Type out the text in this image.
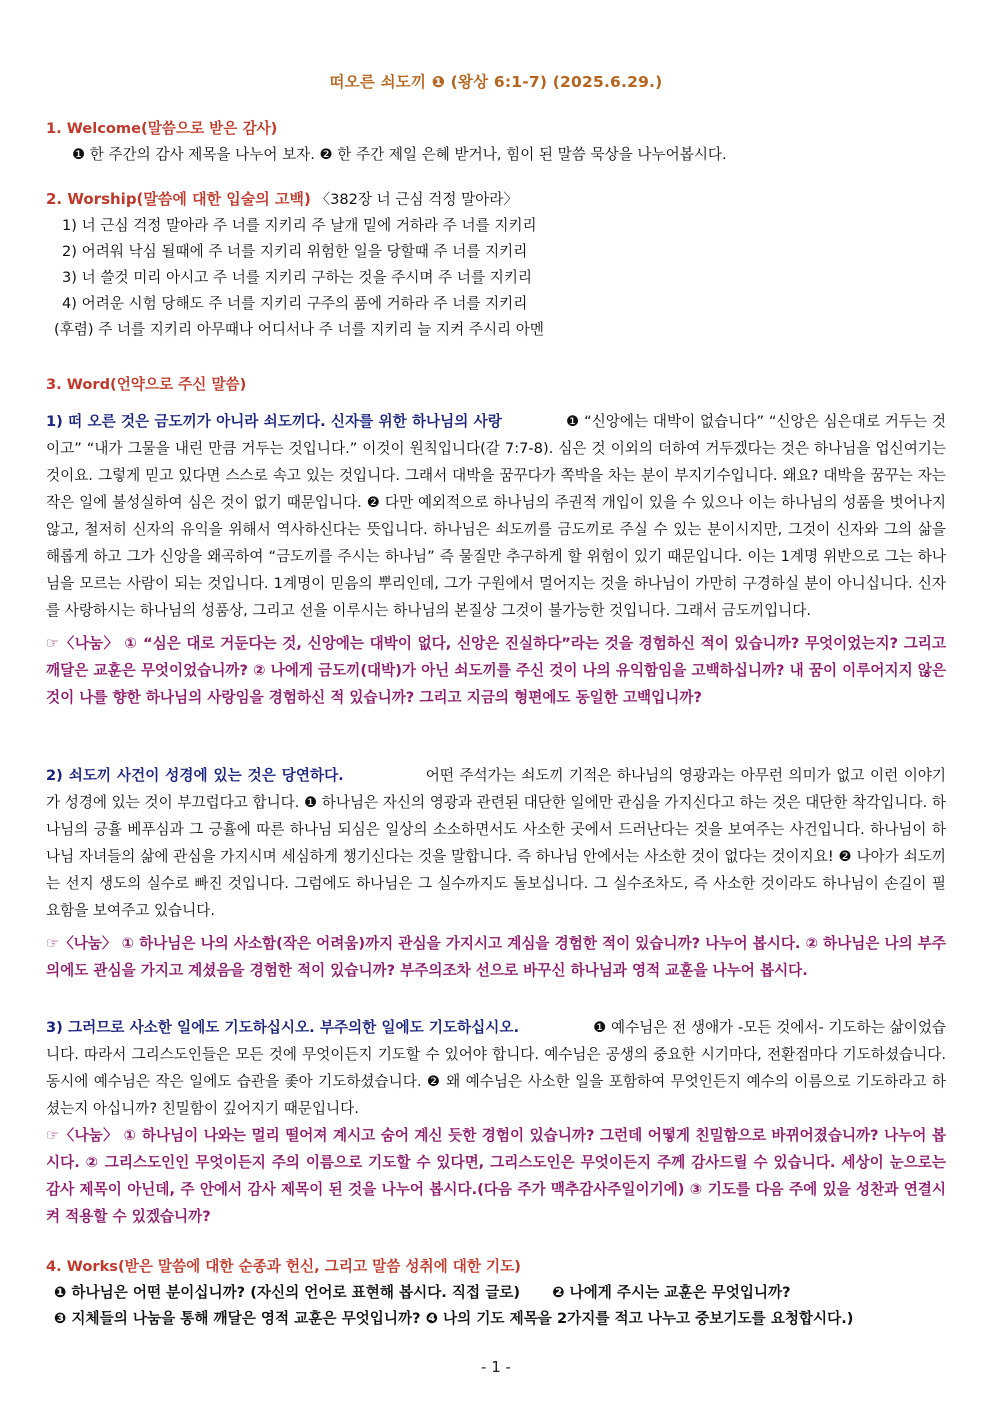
떠오른 쇠도끼 ❶ (왕상 6:1-7) (2025.6.29.)
1. Welcome(말씀으로 받은 감사)
❶ 한 주간의 감사 제목을 나누어 보자. ❷ 한 주간 제일 은혜 받거나, 힘이 된 말씀 묵상을 나누어봅시다.
2. Worship(말씀에 대한 입술의 고백) 〈382장 너 근심 걱정 말아라〉
1) 너 근심 걱정 말아라 주 너를 지키리 주 날개 밑에 거하라 주 너를 지키리
2) 어려워 낙심 될때에 주 너를 지키리 위험한 일을 당할때 주 너를 지키리
3) 너 쓸것 미리 아시고 주 너를 지키리 구하는 것을 주시며 주 너를 지키리
4) 어려운 시험 당해도 주 너를 지키리 구주의 품에 거하라 주 너를 지키리
(후렴) 주 너를 지키리 아무때나 어디서나 주 너를 지키리 늘 지켜 주시리 아멘
3. Word(언약으로 주신 말씀)
1) 떠 오른 것은 금도끼가 아니라 쇠도끼다. 신자를 위한 하나님의 사랑	❶ “신앙에는 대박이 없습니다” “신앙은 심은대로 거두는 것이고” “내가 그물을 내린 만큼 거두는 것입니다.” 이것이 원칙입니다(갈 7:7-8). 심은 것 이외의 더하여 거두겠다는 것은 하나님을 업신여기는 것이요. 그렇게 믿고 있다면 스스로 속고 있는 것입니다. 그래서 대박을 꿈꾸다가 쪽박을 차는 분이 부지기수입니다. 왜요? 대박을 꿈꾸는 자는 작은 일에 불성실하여 심은 것이 없기 때문입니다. ❷ 다만 예외적으로 하나님의 주권적 개입이 있을 수 있으나 이는 하나님의 성품을 벗어나지 않고, 철저히 신자의 유익을 위해서 역사하신다는 뜻입니다. 하나님은 쇠도끼를 금도끼로 주실 수 있는 분이시지만, 그것이 신자와 그의 삶을 해롭게 하고 그가 신앙을 왜곡하여 “금도끼를 주시는 하나님” 즉 물질만 추구하게 할 위험이 있기 때문입니다. 이는 1계명 위반으로 그는 하나님을 모르는 사람이 되는 것입니다. 1계명이 믿음의 뿌리인데, 그가 구원에서 멀어지는 것을 하나님이 가만히 구경하실 분이 아니십니다. 신자를 사랑하시는 하나님의 성품상, 그리고 선을 이루시는 하나님의 본질상 그것이 불가능한 것입니다. 그래서 금도끼입니다.
☞〈나눔〉 ① “심은 대로 거둔다는 것, 신앙에는 대박이 없다, 신앙은 진실하다”라는 것을 경험하신 적이 있습니까? 무엇이었는지? 그리고 깨달은 교훈은 무엇이었습니까? ② 나에게 금도끼(대박)가 아닌 쇠도끼를 주신 것이 나의 유익함임을 고백하십니까? 내 꿈이 이루어지지 않은 것이 나를 향한 하나님의 사랑임을 경험하신 적 있습니까? 그리고 지금의 형편에도 동일한 고백입니까?
2) 쇠도끼 사건이 성경에 있는 것은 당연하다.	어떤 주석가는 쇠도끼 기적은 하나님의 영광과는 아무런 의미가 없고 이런 이야기가 성경에 있는 것이 부끄럽다고 합니다. ❶ 하나님은 자신의 영광과 관련된 대단한 일에만 관심을 가지신다고 하는 것은 대단한 착각입니다. 하나님의 긍휼 베푸심과 그 긍휼에 따른 하나님 되심은 일상의 소소하면서도 사소한 곳에서 드러난다는 것을 보여주는 사건입니다. 하나님이 하나님 자녀들의 삶에 관심을 가지시며 세심하게 챙기신다는 것을 말합니다. 즉 하나님 안에서는 사소한 것이 없다는 것이지요! ❷ 나아가 쇠도끼는 선지 생도의 실수로 빠진 것입니다. 그럼에도 하나님은 그 실수까지도 돌보십니다. 그 실수조차도, 즉 사소한 것이라도 하나님이 손길이 필요함을 보여주고 있습니다.
☞〈나눔〉 ① 하나님은 나의 사소함(작은 어려움)까지 관심을 가지시고 계심을 경험한 적이 있습니까? 나누어 봅시다. ② 하나님은 나의 부주의에도 관심을 가지고 계셨음을 경험한 적이 있습니까? 부주의조차 선으로 바꾸신 하나님과 영적 교훈을 나누어 봅시다.
3) 그러므로 사소한 일에도 기도하십시오. 부주의한 일에도 기도하십시오.	❶ 예수님은 전 생애가 -모든 것에서- 기도하는 삶이었습니다. 따라서 그리스도인들은 모든 것에 무엇이든지 기도할 수 있어야 합니다. 예수님은 공생의 중요한 시기마다, 전환점마다 기도하셨습니다. 동시에 예수님은 작은 일에도 습관을 좇아 기도하셨습니다. ❷ 왜 예수님은 사소한 일을 포함하여 무엇인든지 예수의 이름으로 기도하라고 하셨는지 아십니까? 친밀함이 깊어지기 때문입니다.
☞〈나눔〉 ① 하나님이 나와는 멀리 떨어져 계시고 숨어 계신 듯한 경험이 있습니까? 그런데 어떻게 친밀함으로 바뀌어졌습니까? 나누어 봅시다. ② 그리스도인인 무엇이든지 주의 이름으로 기도할 수 있다면, 그리스도인은 무엇이든지 주께 감사드릴 수 있습니다. 세상이 눈으로는 감사 제목이 아닌데, 주 안에서 감사 제목이 된 것을 나누어 봅시다.(다음 주가 맥추감사주일이기에) ③ 기도를 다음 주에 있을 성찬과 연결시켜 적용할 수 있겠습니까?
4. Works(받은 말씀에 대한 순종과 헌신, 그리고 말씀 성취에 대한 기도)
❶ 하나님은 어떤 분이십니까? (자신의 언어로 표현해 봅시다. 직접 글로) ❷ 나에게 주시는 교훈은 무엇입니까?
❸ 지체들의 나눔을 통해 깨달은 영적 교훈은 무엇입니까? ❹ 나의 기도 제목을 2가지를 적고 나누고 중보기도를 요청합시다.)
- 1 -
